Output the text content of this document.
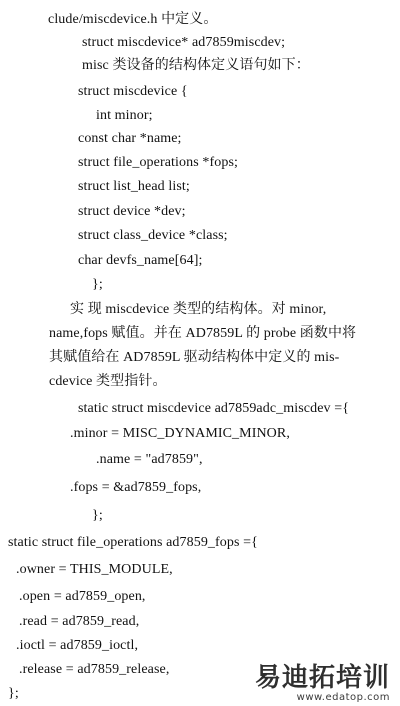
clude/miscdevice.h 中定义。
struct miscdevice* ad7859miscdev;
misc 类设备的结构体定义语句如下：
struct miscdevice {
int minor;
const char *name;
struct file_operations *fops;
struct list_head list;
struct device *dev;
struct class_device *class;
char devfs_name[64];
};
实 现 miscdevice 类型的结构体。对 minor,
name,fops 赋值。并在 AD7859L 的 probe 函数中将
其赋值给在 AD7859L 驱动结构体中定义的 mis-
cdevice 类型指针。
static struct miscdevice ad7859adc_miscdev ={
.minor = MISC_DYNAMIC_MINOR,
.name = "ad7859",
.fops = &ad7859_fops,
};
static struct file_operations ad7859_fops ={
.owner = THIS_MODULE,
.open = ad7859_open,
.read = ad7859_read,
.ioctl = ad7859_ioctl,
.release = ad7859_release,
};
易迪拓培训
www.edatop.com
